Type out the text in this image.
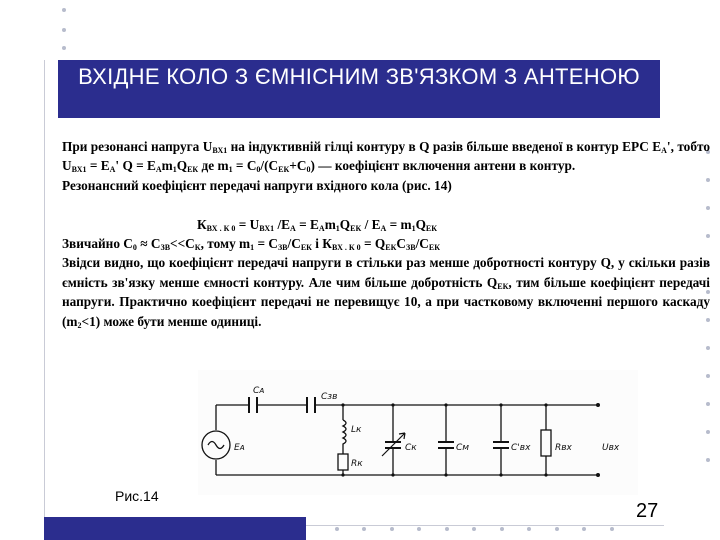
ВХІДНЕ КОЛО З ЄМНІСНИМ ЗВ'ЯЗКОМ З АНТЕНОЮ

При резонансі напруга $U_{ВХ1}$ на індуктивній гілці контуру в Q разів більше введеної в контур ЕРС $Е_А'$, тобто $U_{ВХ1} = Е_А'$ $Q = Е_Аm_1Q_{ЕК}$ де $m_1 = С_0/(С_{ЕК}+С_0)$ — коефіцієнт включення антени в контур.

Резонансний коефіцієнт передачі напруги вхідного кола (рис. 14)

$К_{ВХ . К 0} = U_{ВХ1}$ $/Е_А = Е_Аm_1Q_{ЕК} / Е_А = m_1Q_{ЕК}$

Звичайно $С_0 \approx С_{ЗВ}<<С_К$, тому $m_1 = С_{ЗВ}/С_{ЕК}$ і $К_{ВХ . К 0} = Q_{ЕК}С_{ЗВ}/С_{ЕК}$

Звідси видно, що коефіцієнт передачі напруги в стільки раз менше добротності контуру Q, у скільки разів ємність зв'язку менше ємності контуру. Але чим більше добротність $Q_{ЕК}$, тим більше коефіцієнт передачі напруги. Практично коефіцієнт передачі не перевищує 10, а при частковому включенні першого каскаду $(m_2<1)$ може бути менше одиниці.

Cᴀ
Cзв
Lк
Rк
Eᴀ	Cк	Cм	C'вх	Rвх	Uвх
Рис.14
27
